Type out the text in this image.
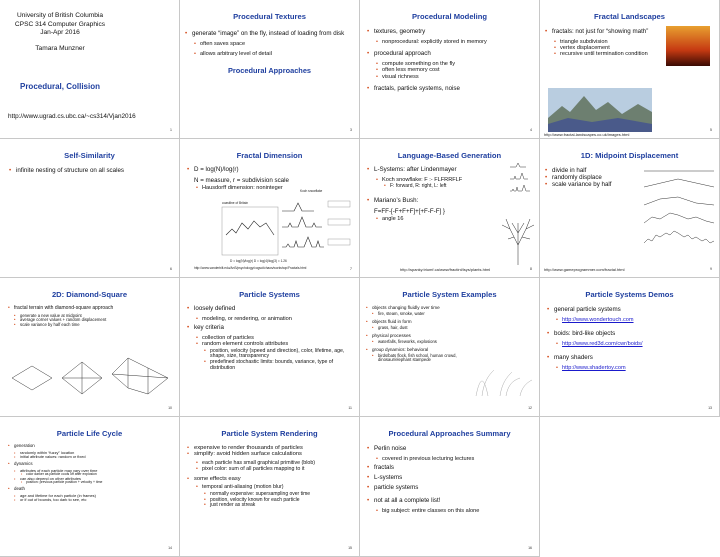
University of British Columbia
CPSC 314 Computer Graphics
Jan-Apr 2016
Tamara Munzner
Procedural, Collision
http://www.ugrad.cs.ubc.ca/~cs314/Vjan2016
1
Procedural Textures
• generate “image” on the fly, instead of loading from disk
• often saves space
• allows arbitrary level of detail
Procedural Approaches
3
Procedural Modeling
• textures, geometry
• nonprocedural: explicitly stored in memory
• procedural approach
• compute something on the fly
• often less memory cost
• visual richness
• fractals, particle systems, noise
4
Fractal Landscapes
• fractals: not just for “showing math”
• triangle subdivision
• vertex displacement
• recursive until termination condition
http://www.fractal-landscapes.co.uk/images.html
5
Self-Similarity
• infinite nesting of structure on all scales
6
Fractal Dimension
• D = log(N)/log(r)
N = measure, r = subdivision scale
• Hausdorff dimension: noninteger
Koch snowflake
coastline of Britain
D = log(N)/log(r) D = log(4)/log(3) = 1.26
http://www.vanderbilt.edu/AnS/psychology/cogsci/chaos/workshop/Fractals.html	7
Language-Based Generation
• L-Systems: after Lindenmayer
• Koch snowflake: F :- FLFRRFLF
• F: forward, R: right, L: left
• Mariano’s Bush:
F=FF-[-F+F+F]+[+F-F-F] }
• angle 16
http://spanky.triumf.ca/www/fractint/lsys/plants.html	8
1D: Midpoint Displacement
• divide in half
• randomly displace
• scale variance by half
http://www.gameprogrammer.com/fractal.html	9
2D: Diamond-Square
• fractal terrain with diamond-square approach
• generate a new value at midpoint
• average corner values + random displacement
• scale variance by half each time
10
Particle Systems
• loosely defined
• modeling, or rendering, or animation
• key criteria
• collection of particles
• random element controls attributes
• position, velocity (speed and direction), color, lifetime, age, shape, size, transparency
• predefined stochastic limits: bounds, variance, type of distribution
11
Particle System Examples
• objects changing fluidly over time
• fire, steam, smoke, water
• objects fluid in form
• grass, hair, dust
• physical processes
• waterfalls, fireworks, explosions
• group dynamics: behavioral
• birds/bats flock, fish school, human crowd, dinosaur/elephant stampede
12
Particle Systems Demos
• general particle systems
• http://www.wondertouch.com
• boids: bird-like objects
• http://www.red3d.com/cwr/boids/
• many shaders
• http://www.shadertoy.com
13
Particle Life Cycle
• generation
• randomly within “fuzzy” location
• initial attribute values: random or fixed
• dynamics
• attributes of each particle may vary over time
• color darker as particle cools off after explosion
• can also depend on other attributes
• position: previous particle position + velocity + time
• death
• age and lifetime for each particle (in frames)
• or if out of bounds, too dark to see, etc
14
Particle System Rendering
• expensive to render thousands of particles
• simplify: avoid hidden surface calculations
• each particle has small graphical primitive (blob)
• pixel color: sum of all particles mapping to it
• some effects easy
• temporal anti-aliasing (motion blur)
• normally expensive: supersampling over time
• position, velocity known for each particle
• just render as streak
15
Procedural Approaches Summary
• Perlin noise
• covered in previous lecturing lectures
• fractals
• L-systems
• particle systems
• not at all a complete list!
• big subject: entire classes on this alone
16
